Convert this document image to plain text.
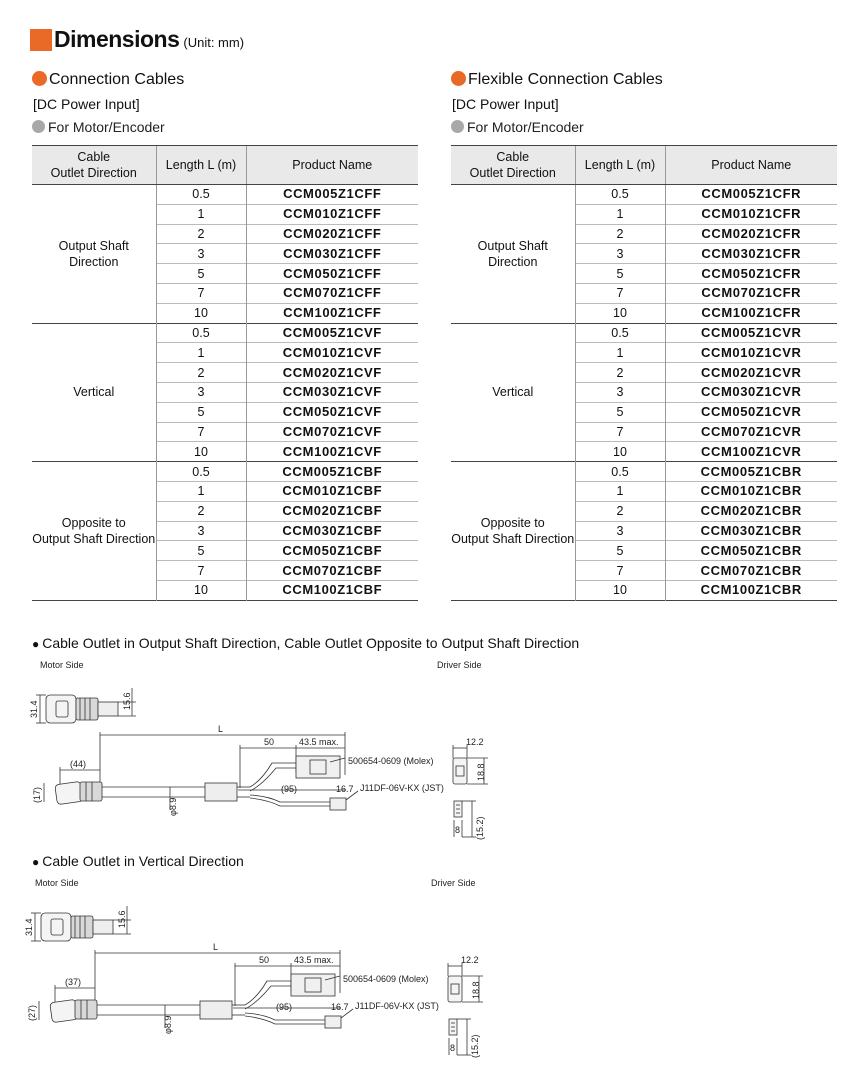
Dimensions (Unit: mm)
Connection Cables
[DC Power Input]
For Motor/Encoder
Flexible Connection Cables
[DC Power Input]
For Motor/Encoder
Cable
Outlet Direction	Length L (m)	Product Name
Output Shaft
Direction	0.5	CCM005Z1CFF
	1	CCM010Z1CFF
	2	CCM020Z1CFF
	3	CCM030Z1CFF
	5	CCM050Z1CFF
	7	CCM070Z1CFF
	10	CCM100Z1CFF
Vertical	0.5	CCM005Z1CVF
	1	CCM010Z1CVF
	2	CCM020Z1CVF
	3	CCM030Z1CVF
	5	CCM050Z1CVF
	7	CCM070Z1CVF
	10	CCM100Z1CVF
Opposite to
Output Shaft Direction	0.5	CCM005Z1CBF
	1	CCM010Z1CBF
	2	CCM020Z1CBF
	3	CCM030Z1CBF
	5	CCM050Z1CBF
	7	CCM070Z1CBF
	10	CCM100Z1CBF
Cable
Outlet Direction	Length L (m)	Product Name
Output Shaft
Direction	0.5	CCM005Z1CFR
	1	CCM010Z1CFR
	2	CCM020Z1CFR
	3	CCM030Z1CFR
	5	CCM050Z1CFR
	7	CCM070Z1CFR
	10	CCM100Z1CFR
Vertical	0.5	CCM005Z1CVR
	1	CCM010Z1CVR
	2	CCM020Z1CVR
	3	CCM030Z1CVR
	5	CCM050Z1CVR
	7	CCM070Z1CVR
	10	CCM100Z1CVR
Opposite to
Output Shaft Direction	0.5	CCM005Z1CBR
	1	CCM010Z1CBR
	2	CCM020Z1CBR
	3	CCM030Z1CBR
	5	CCM050Z1CBR
	7	CCM070Z1CBR
	10	CCM100Z1CBR
● Cable Outlet in Output Shaft Direction, Cable Outlet Opposite to Output Shaft Direction
Motor Side	Driver Side
31.4	15.6
L
50	43.5 max.
(44)
(17)
φ8.9
(95)	16.7
500654-0609 (Molex)
J11DF-06V-KX (JST)
12.2
18.8
8 (15.2)
● Cable Outlet in Vertical Direction
Motor Side	Driver Side
31.4	15.6
L
50	43.5 max.
(37)
(27)
φ8.9
(95)	16.7
500654-0609 (Molex)
J11DF-06V-KX (JST)
12.2
18.8
8 (15.2)
